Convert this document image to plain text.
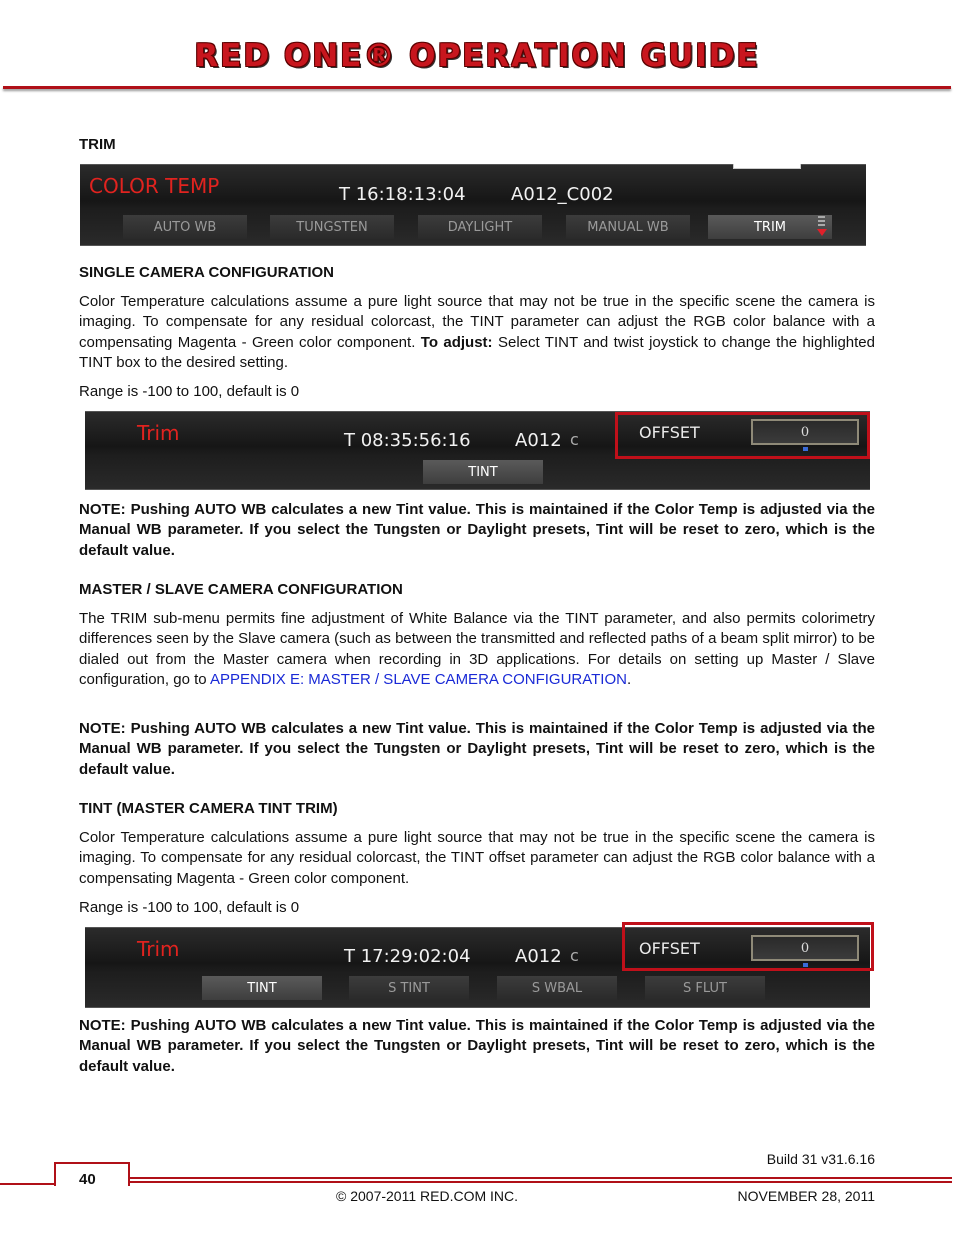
RED ONE® OPERATION GUIDE
TRIM
COLOR TEMP	T 16:18:13:04	A012_C002
AUTO WB	TUNGSTEN	DAYLIGHT	MANUAL WB	TRIM
SINGLE CAMERA CONFIGURATION
Color Temperature calculations assume a pure light source that may not be true in the specific scene the camera is imaging. To compensate for any residual colorcast, the TINT parameter can adjust the RGB color balance with a compensating Magenta - Green color component. To adjust: Select TINT and twist joystick to change the highlighted TINT box to the desired setting.
Range is -100 to 100, default is 0
Trim	T 08:35:56:16 A012 c
TINT
OFFSET	0
NOTE: Pushing AUTO WB calculates a new Tint value. This is maintained if the Color Temp is adjusted via the Manual WB parameter. If you select the Tungsten or Daylight presets, Tint will be reset to zero, which is the default value.
MASTER / SLAVE CAMERA CONFIGURATION
The TRIM sub-menu permits fine adjustment of White Balance via the TINT parameter, and also permits colorimetry differences seen by the Slave camera (such as between the transmitted and reflected paths of a beam split mirror) to be dialed out from the Master camera when recording in 3D applications. For details on setting up Master / Slave configuration, go to APPENDIX E: MASTER / SLAVE CAMERA CONFIGURATION.
NOTE: Pushing AUTO WB calculates a new Tint value. This is maintained if the Color Temp is adjusted via the Manual WB parameter. If you select the Tungsten or Daylight presets, Tint will be reset to zero, which is the default value.
TINT (MASTER CAMERA TINT TRIM)
Color Temperature calculations assume a pure light source that may not be true in the specific scene the camera is imaging. To compensate for any residual colorcast, the TINT offset parameter can adjust the RGB color balance with a compensating Magenta - Green color component.
Range is -100 to 100, default is 0
Trim	T 17:29:02:04 A012 c
TINT	S TINT	S WBAL	S FLUT
OFFSET	0
NOTE: Pushing AUTO WB calculates a new Tint value. This is maintained if the Color Temp is adjusted via the Manual WB parameter. If you select the Tungsten or Daylight presets, Tint will be reset to zero, which is the default value.
Build 31 v31.6.16
40
© 2007-2011 RED.COM INC.	NOVEMBER 28, 2011
